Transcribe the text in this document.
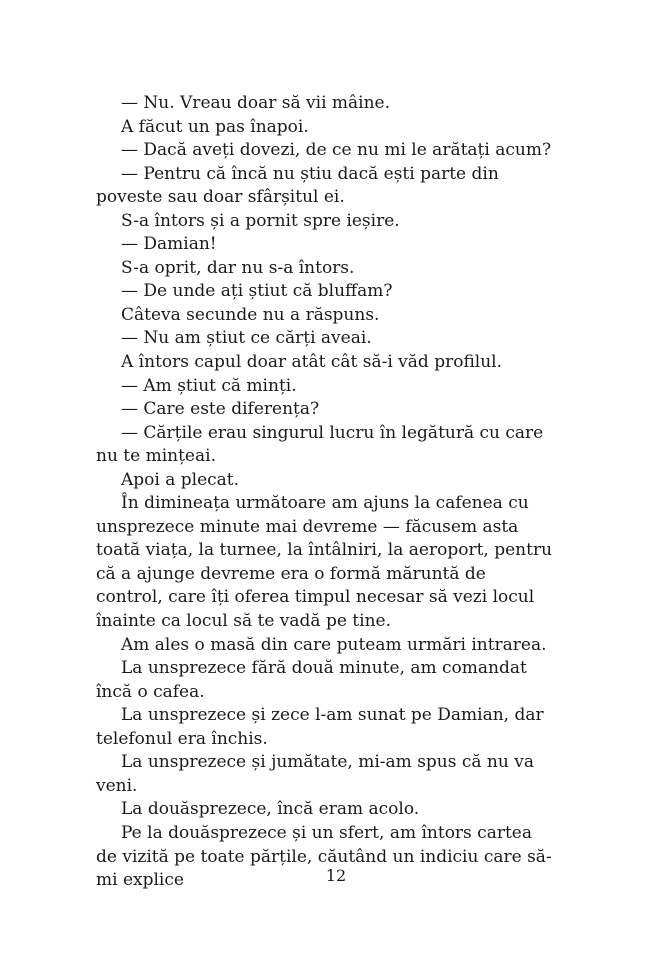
— Nu. Vreau doar să vii mâine.

A făcut un pas înapoi.

— Dacă aveți dovezi, de ce nu mi le arătați acum?

— Pentru că încă nu știu dacă ești parte din poveste sau doar sfârșitul ei.

S-a întors și a pornit spre ieșire.

— Damian!

S-a oprit, dar nu s-a întors.

— De unde ați știut că bluffam?

Câteva secunde nu a răspuns.

— Nu am știut ce cărți aveai.

A întors capul doar atât cât să-i văd profilul.

— Am știut că minți.

— Care este diferența?

— Cărțile erau singurul lucru în legătură cu care nu te mințeai.

Apoi a plecat.

În dimineața următoare am ajuns la cafenea cu unsprezece minute mai devreme — făcusem asta toată viața, la turnee, la întâlniri, la aeroport, pentru că a ajunge devreme era o formă măruntă de control, care îți oferea timpul necesar să vezi locul înainte ca locul să te vadă pe tine.

Am ales o masă din care puteam urmări intrarea.

La unsprezece fără două minute, am comandat încă o cafea.

La unsprezece și zece l-am sunat pe Damian, dar telefonul era închis.

La unsprezece și jumătate, mi-am spus că nu va veni.

La douăsprezece, încă eram acolo.

Pe la douăsprezece și un sfert, am întors cartea de vizită pe toate părțile, căutând un indiciu care să-mi explice	12
